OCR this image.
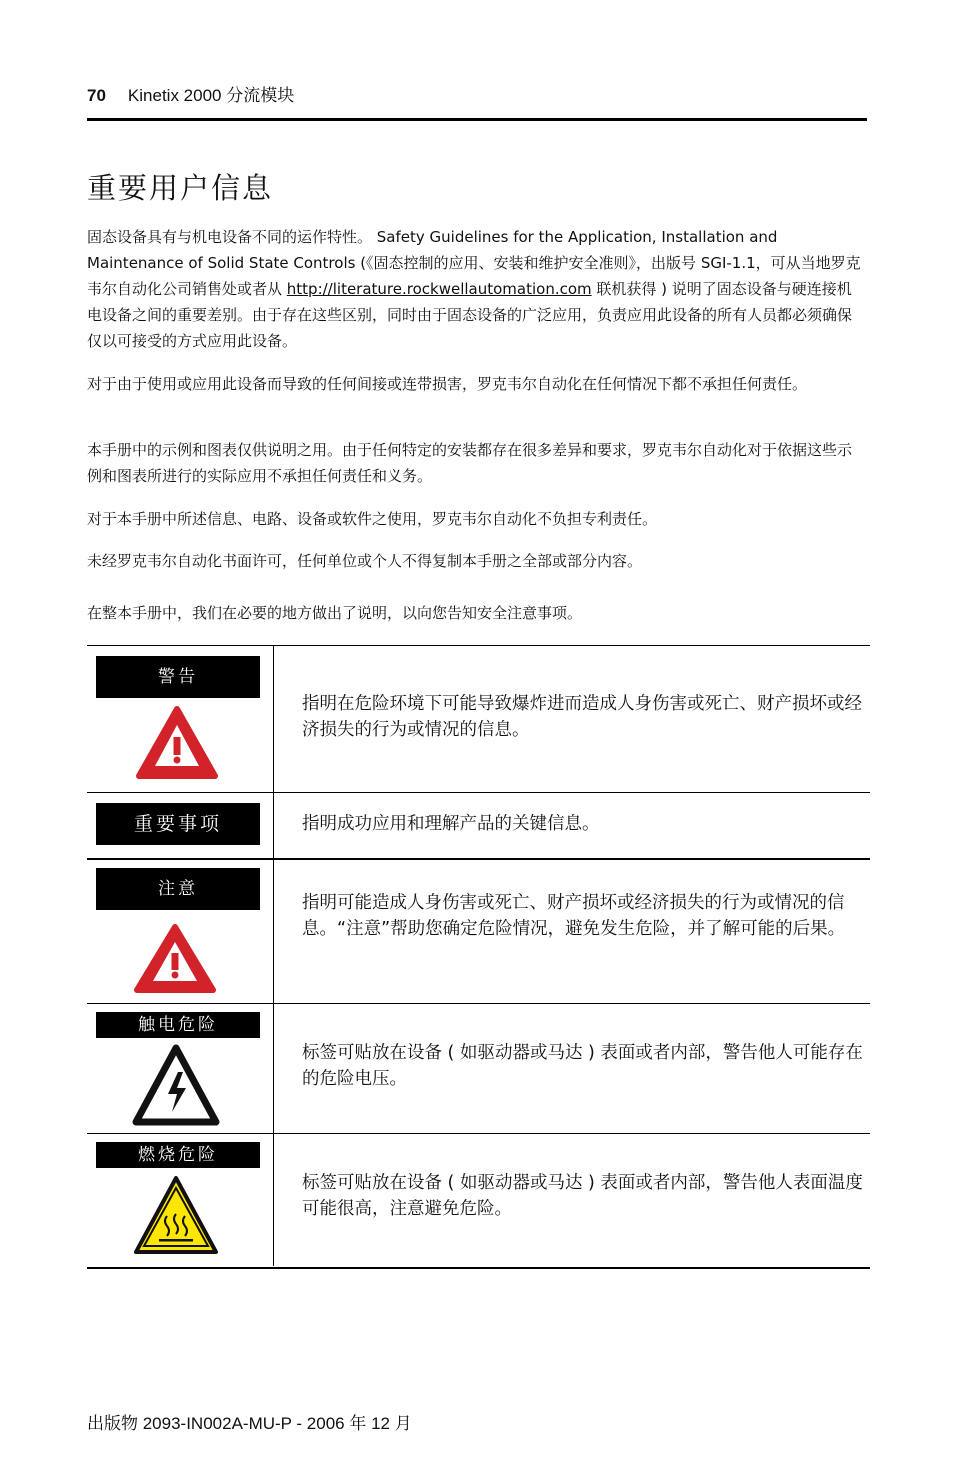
70 Kinetix 2000 分流模块
重要用户信息

固态设备具有与机电设备不同的运作特性。 Safety Guidelines for the Application, Installation and Maintenance of Solid State Controls (《固态控制的应用、安装和维护安全准则》，出版号 SGI-1.1，可从当地罗克韦尔自动化公司销售处或者从 http://literature.rockwellautomation.com 联机获得 ) 说明了固态设备与硬连接机电设备之间的重要差别。由于存在这些区别，同时由于固态设备的广泛应用，负责应用此设备的所有人员都必须确保仅以可接受的方式应用此设备。

对于由于使用或应用此设备而导致的任何间接或连带损害，罗克韦尔自动化在任何情况下都不承担任何责任。

本手册中的示例和图表仅供说明之用。由于任何特定的安装都存在很多差异和要求，罗克韦尔自动化对于依据这些示例和图表所进行的实际应用不承担任何责任和义务。

对于本手册中所述信息、电路、设备或软件之使用，罗克韦尔自动化不负担专利责任。

未经罗克韦尔自动化书面许可，任何单位或个人不得复制本手册之全部或部分内容。

在整本手册中，我们在必要的地方做出了说明，以向您告知安全注意事项。

警告

指明在危险环境下可能导致爆炸进而造成人身伤害或死亡、财产损坏或经济损失的行为或情况的信息。

重要事项	指明成功应用和理解产品的关键信息。

注意

指明可能造成人身伤害或死亡、财产损坏或经济损失的行为或情况的信息。“注意”帮助您确定危险情况，避免发生危险，并了解可能的后果。

触电危险

标签可贴放在设备 ( 如驱动器或马达 ) 表面或者内部，警告他人可能存在的危险电压。

燃烧危险

标签可贴放在设备 ( 如驱动器或马达 ) 表面或者内部，警告他人表面温度可能很高，注意避免危险。

出版物 2093-IN002A-MU-P - 2006 年 12 月
